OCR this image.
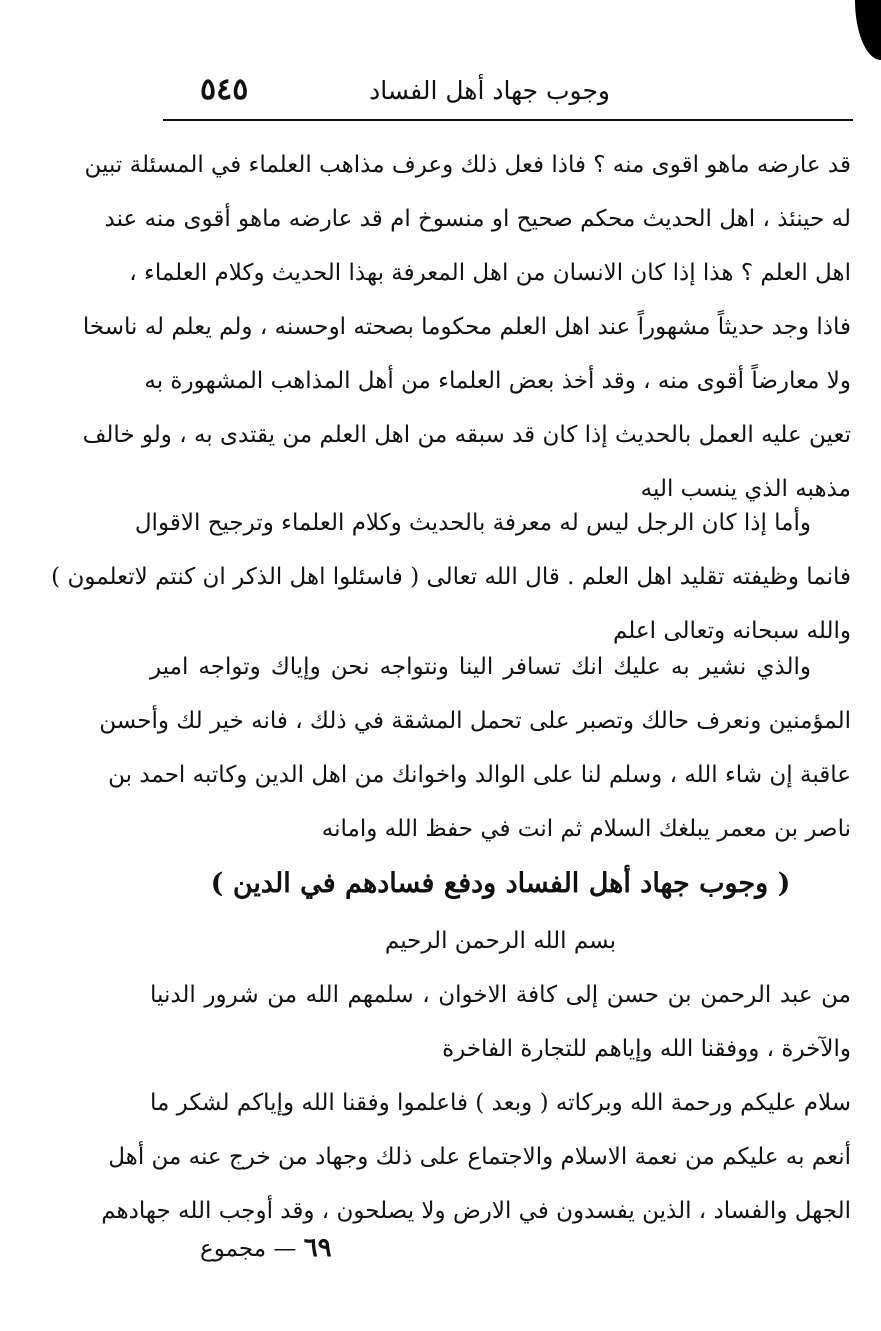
وجوب جهاد أهل الفساد
٥٤٥
قد عارضه ماهو اقوى منه ؟ فاذا فعل ذلك وعرف مذاهب العلماء في المسئلة تبين
له حينئذ ، اهل الحديث محكم صحيح او منسوخ ام قد عارضه ماهو أقوى منه عند
اهل العلم ؟ هذا إذا كان الانسان من اهل المعرفة بهذا الحديث وكلام العلماء ،
فاذا وجد حديثاً مشهوراً عند اهل العلم محكوما بصحته اوحسنه ، ولم يعلم له ناسخا
ولا معارضاً أقوى منه ، وقد أخذ بعض العلماء من أهل المذاهب المشهورة به
تعين عليه العمل بالحديث إذا كان قد سبقه من اهل العلم من يقتدى به ، ولو خالف
مذهبه الذي ينسب اليه
وأما إذا كان الرجل ليس له معرفة بالحديث وكلام العلماء وترجيح الاقوال
فانما وظيفته تقليد اهل العلم . قال الله تعالى ( فاسئلوا اهل الذكر ان كنتم لاتعلمون )
والله سبحانه وتعالى اعلم
والذي نشير به عليك انك تسافر الينا ونتواجه نحن وإياك وتواجه امير
المؤمنين ونعرف حالك وتصبر على تحمل المشقة في ذلك ، فانه خير لك وأحسن
عاقبة إن شاء الله ، وسلم لنا على الوالد واخوانك من اهل الدين وكاتبه احمد بن
ناصر بن معمر يبلغك السلام ثم انت في حفظ الله وامانه
( وجوب جهاد أهل الفساد ودفع فسادهم في الدين )
بسم الله الرحمن الرحيم
من عبد الرحمن بن حسن إلى كافة الاخوان ، سلمهم الله من شرور الدنيا
والآخرة ، ووفقنا الله وإياهم للتجارة الفاخرة
سلام عليكم ورحمة الله وبركاته ( وبعد ) فاعلموا وفقنا الله وإياكم لشكر ما
أنعم به عليكم من نعمة الاسلام والاجتماع على ذلك وجهاد من خرج عنه من أهل
الجهل والفساد ، الذين يفسدون في الارض ولا يصلحون ، وقد أوجب الله جهادهم
٦٩ — مجموع
